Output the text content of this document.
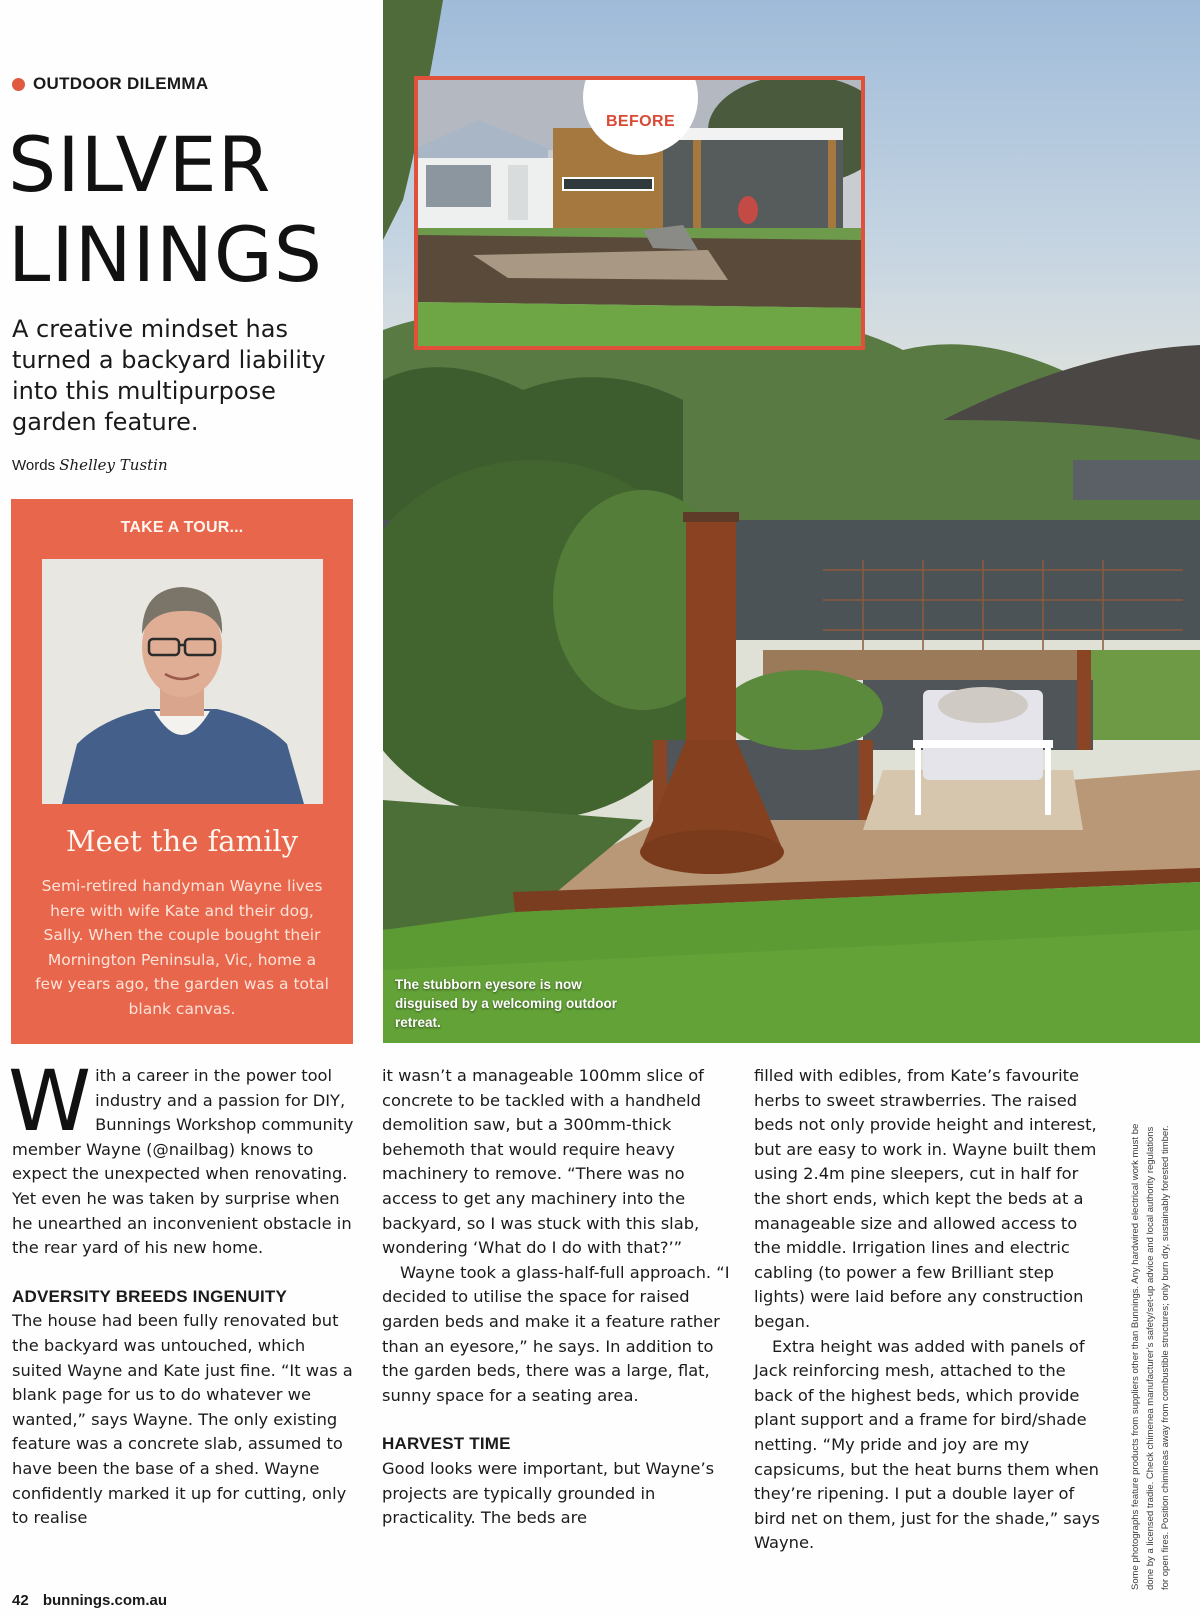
OUTDOOR DILEMMA
SILVER
LININGS

A creative mindset has turned a backyard liability into this multipurpose garden feature.

Words Shelley Tustin
TAKE A TOUR...
Meet the family
Semi-retired handyman Wayne lives here with wife Kate and their dog, Sally. When the couple bought their Mornington Peninsula, Vic, home a few years ago, the garden was a total blank canvas.
The stubborn eyesore is now disguised by a welcoming outdoor retreat.
BEFORE

W ith a career in the power tool industry and a passion for DIY, Bunnings Workshop community member Wayne (@nailbag) knows to expect the unexpected when renovating. Yet even he was taken by surprise when he unearthed an inconvenient obstacle in the rear yard of his new home.

ADVERSITY BREEDS INGENUITY

The house had been fully renovated but the backyard was untouched, which suited Wayne and Kate just fine. “It was a blank page for us to do whatever we wanted,” says Wayne. The only existing feature was a concrete slab, assumed to have been the base of a shed. Wayne confidently marked it up for cutting, only to realise

it wasn’t a manageable 100mm slice of concrete to be tackled with a handheld demolition saw, but a 300mm-thick behemoth that would require heavy machinery to remove. “There was no access to get any machinery into the backyard, so I was stuck with this slab, wondering ‘What do I do with that?’”

Wayne took a glass-half-full approach. “I decided to utilise the space for raised garden beds and make it a feature rather than an eyesore,” he says. In addition to the garden beds, there was a large, flat, sunny space for a seating area.

HARVEST TIME

Good looks were important, but Wayne’s projects are typically grounded in practicality. The beds are

filled with edibles, from Kate’s favourite herbs to sweet strawberries. The raised beds not only provide height and interest, but are easy to work in. Wayne built them using 2.4m pine sleepers, cut in half for the short ends, which kept the beds at a manageable size and allowed access to the middle. Irrigation lines and electric cabling (to power a few Brilliant step lights) were laid before any construction began.

Extra height was added with panels of Jack reinforcing mesh, attached to the back of the highest beds, which provide plant support and a frame for bird/shade netting. “My pride and joy are my capsicums, but the heat burns them when they’re ripening. I put a double layer of bird net on them, just for the shade,” says Wayne.	Some photographs feature products from suppliers other than Bunnings. Any hardwired electrical work must be done by a licensed tradie. Check chimenea manufacturer’s safety/set-up advice and local authority regulations for open fires. Position chimineas away from combustible structures; only burn dry, sustainably forested timber.
42 bunnings.com.au
